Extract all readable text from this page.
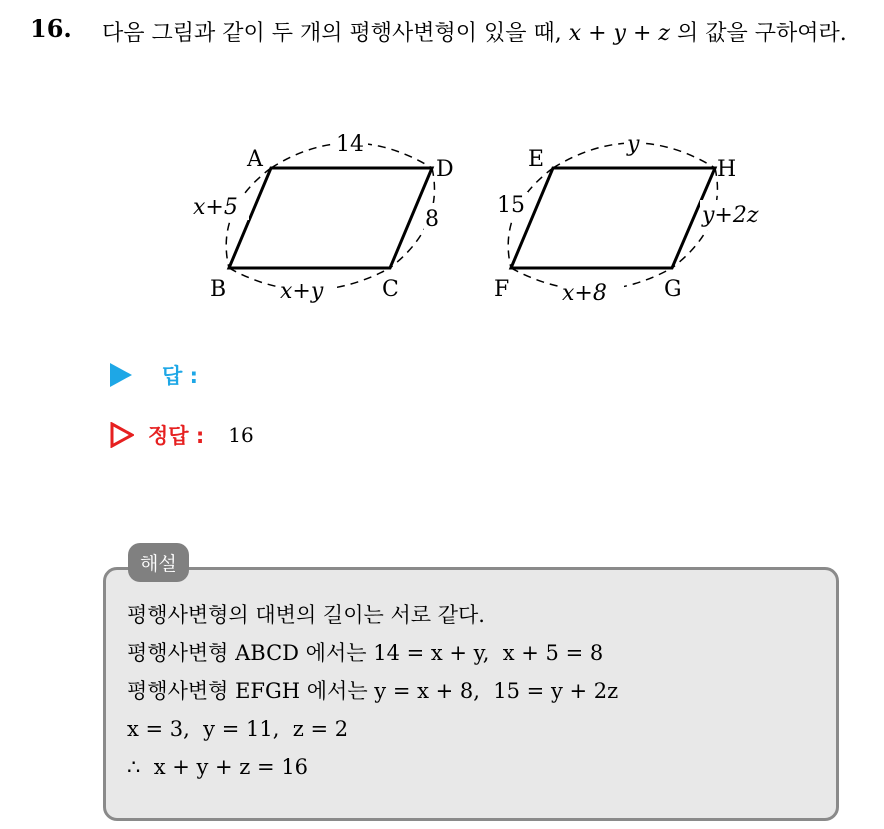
16. 다음 그림과 같이 두 개의 평행사변형이 있을 때, x + y + z 의 값을 구하여라.
A	D
B	C
14
x+5	8
x+y
E	H
F	G
y
15	y+2z
x+8
답 :
정답 : 16
해설
평행사변형의 대변의 길이는 서로 같다.
평행사변형 ABCD 에서는 14 = x + y,  x + 5 = 8
평행사변형 EFGH 에서는 y = x + 8,  15 = y + 2z
x = 3,  y = 11,  z = 2
∴  x + y + z = 16
